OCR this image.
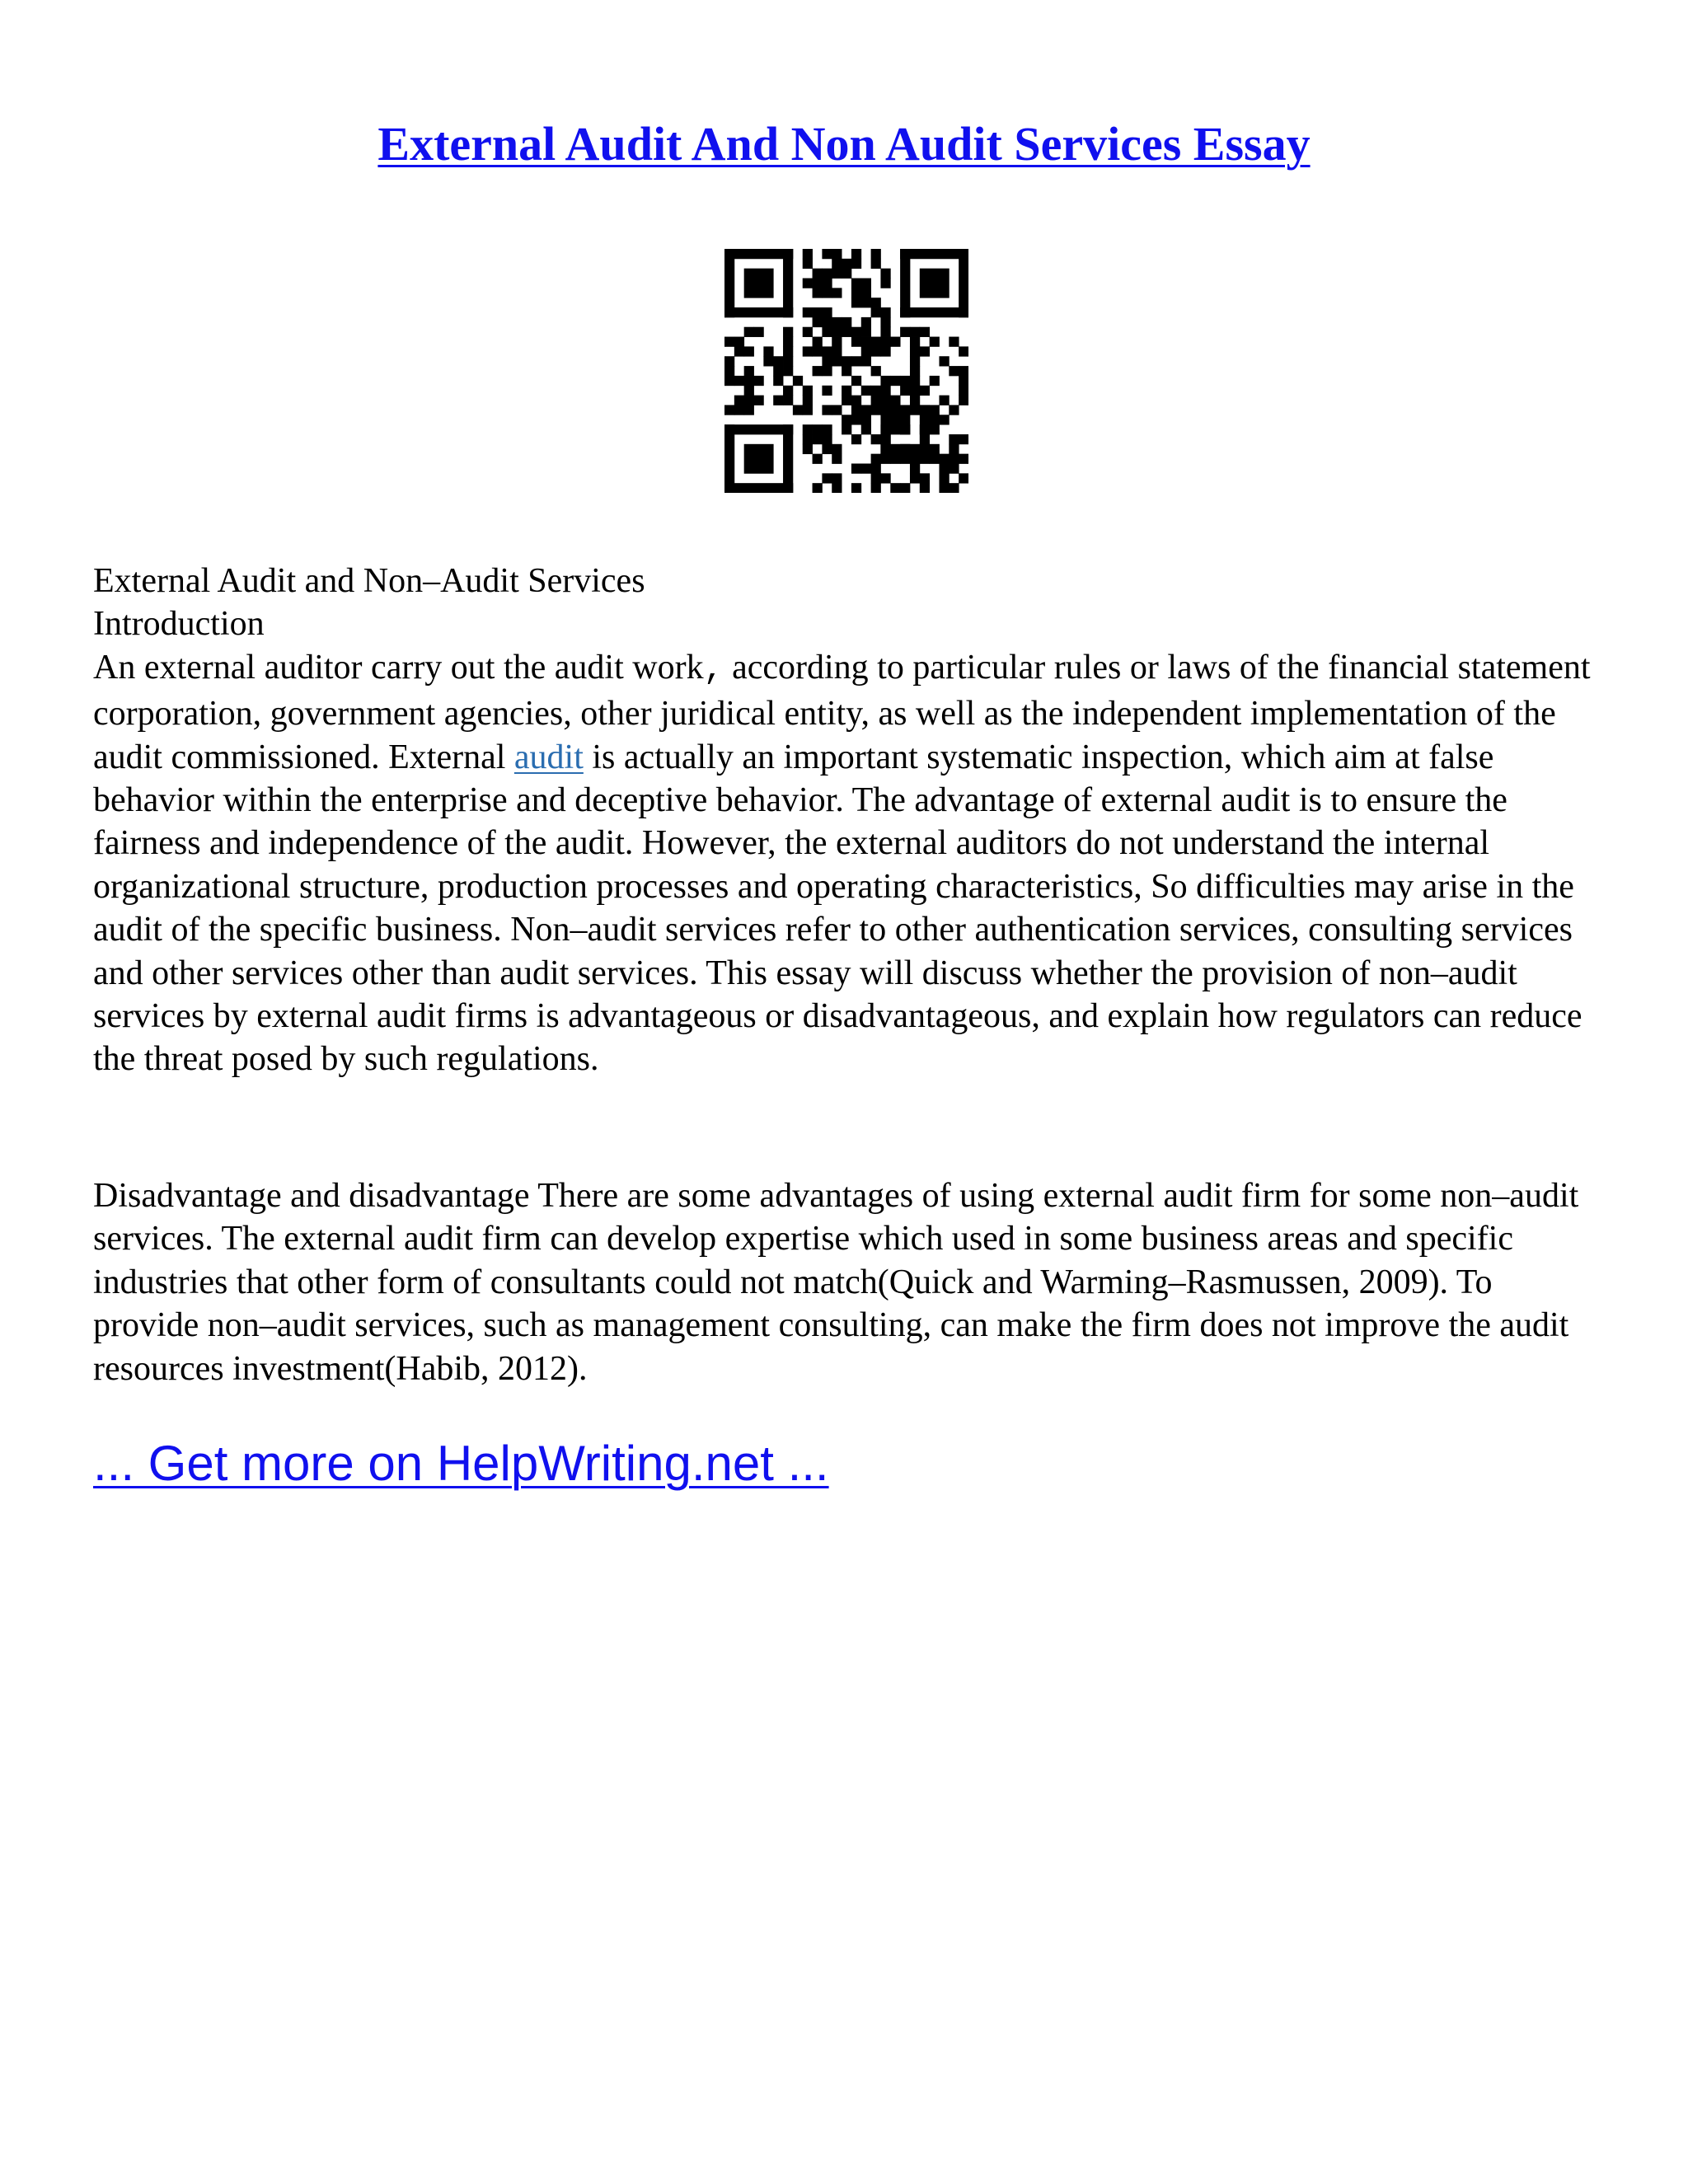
External Audit And Non Audit Services Essay

External Audit and Non–Audit Services

Introduction

An external auditor carry out the audit work, according to particular rules or laws of the financial statement corporation, government agencies, other juridical entity, as well as the independent implementation of the audit commissioned. External audit is actually an important systematic inspection, which aim at false behavior within the enterprise and deceptive behavior. The advantage of external audit is to ensure the fairness and independence of the audit. However, the external auditors do not understand the internal organizational structure, production processes and operating characteristics, So difficulties may arise in the audit of the specific business. Non–audit services refer to other authentication services, consulting services and other services other than audit services. This essay will discuss whether the provision of non–audit services by external audit firms is advantageous or disadvantageous, and explain how regulators can reduce the threat posed by such regulations.

Disadvantage and disadvantage There are some advantages of using external audit firm for some non–audit services. The external audit firm can develop expertise which used in some business areas and specific industries that other form of consultants could not match(Quick and Warming–Rasmussen, 2009). To provide non–audit services, such as management consulting, can make the firm does not improve the audit resources investment(Habib, 2012).

... Get more on HelpWriting.net ...
